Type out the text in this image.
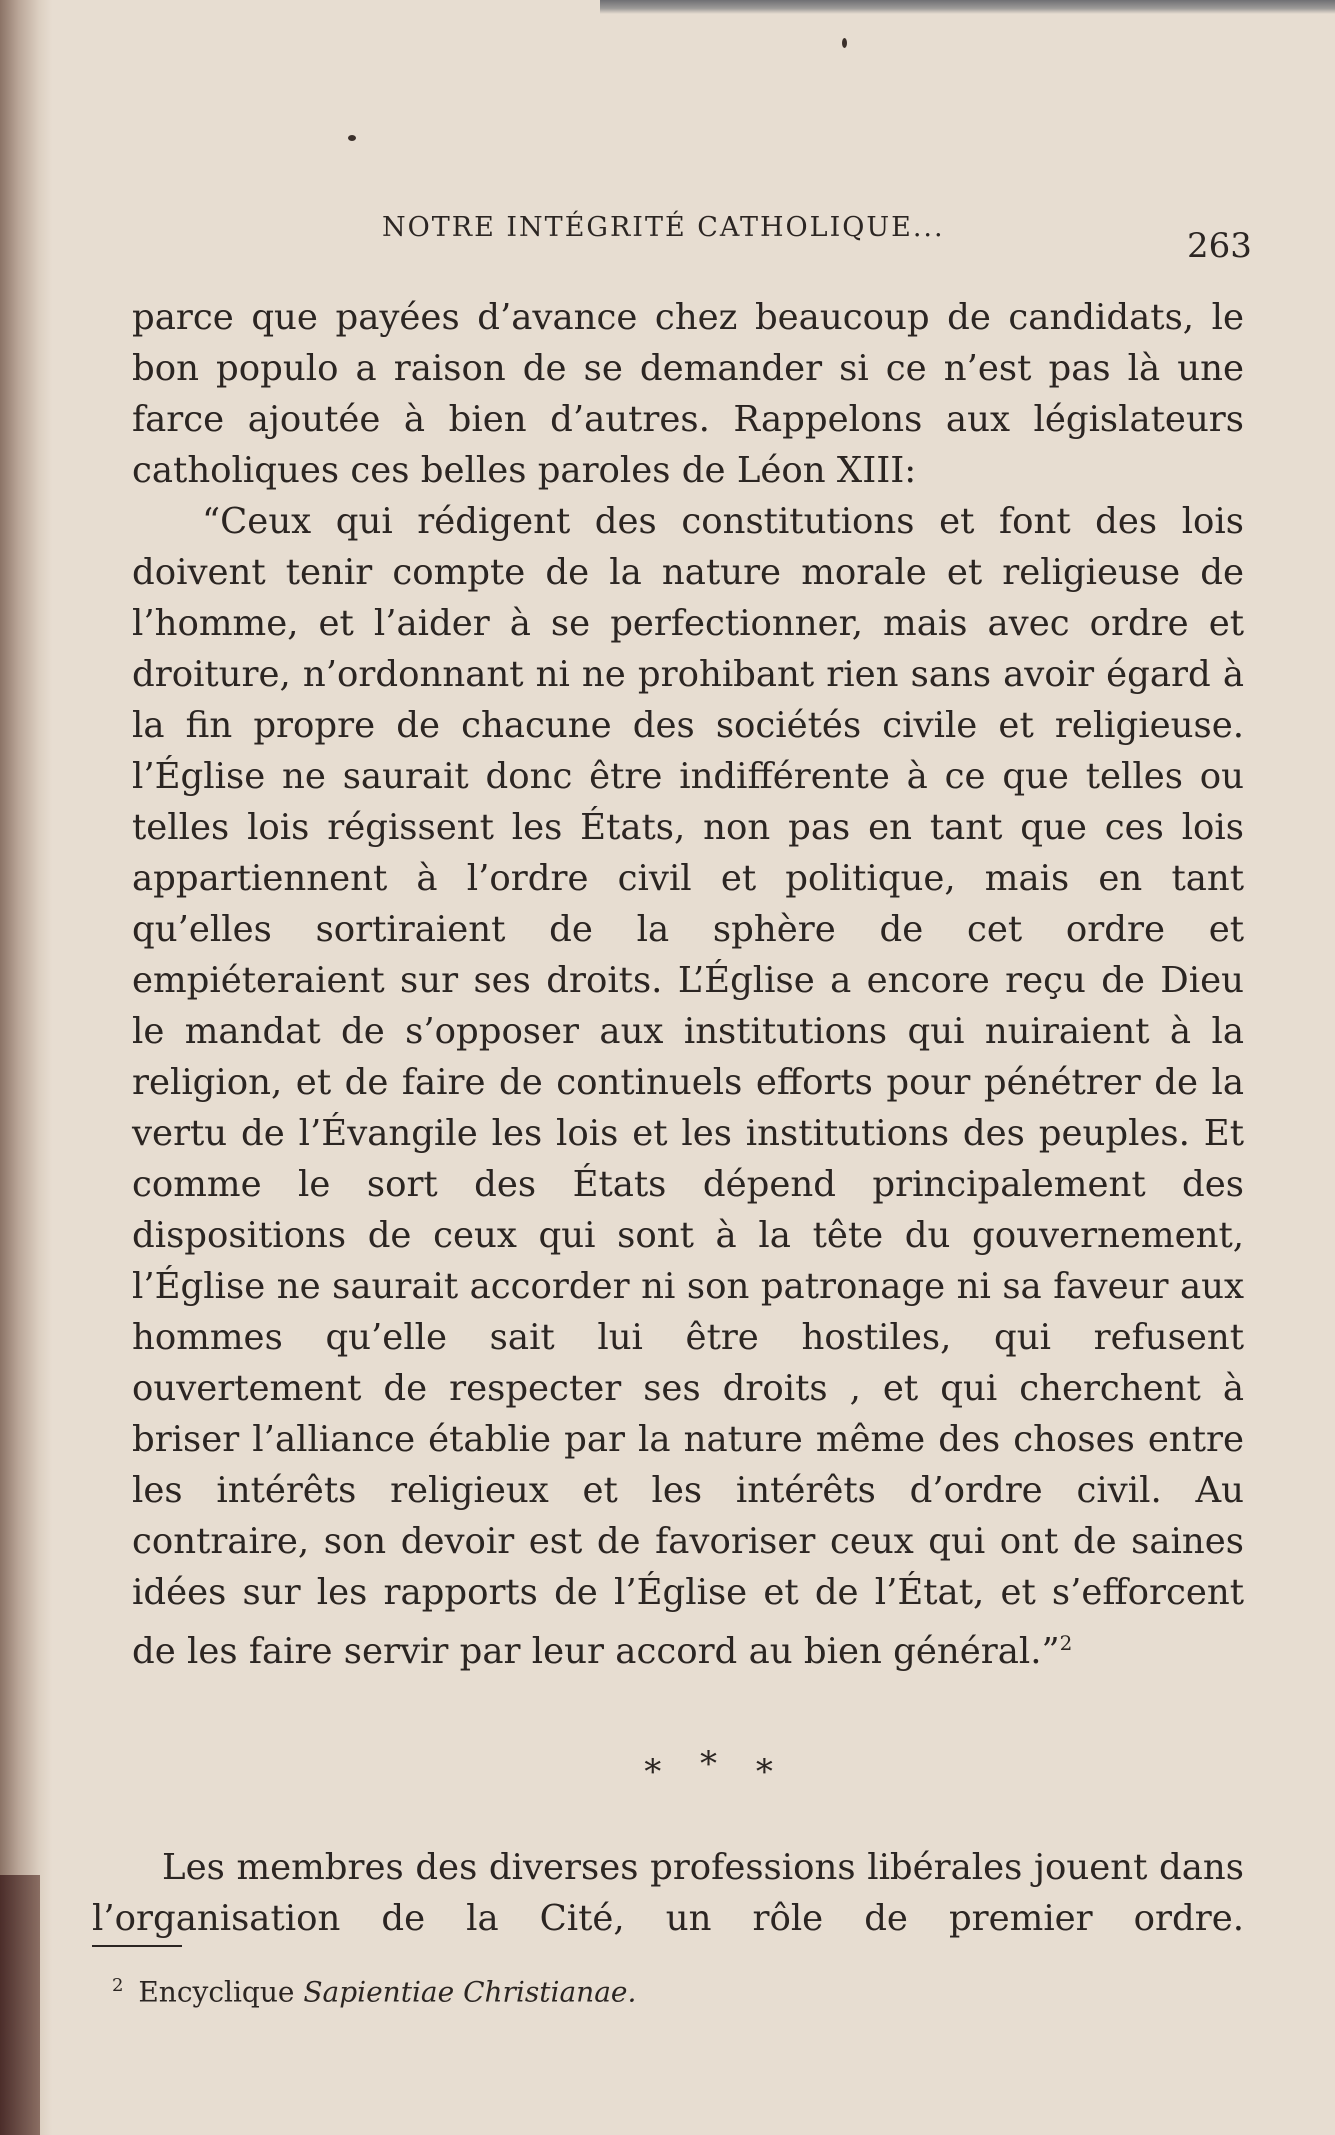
NOTRE INTÉGRITÉ CATHOLIQUE...	263

parce que payées d’avance chez beaucoup de candidats, le bon populo a raison de se demander si ce n’est pas là une farce ajoutée à bien d’autres. Rappelons aux législateurs catholiques ces belles paroles de Léon XIII:

“Ceux qui rédigent des constitutions et font des lois doivent tenir compte de la nature morale et religieuse de l’homme, et l’aider à se perfectionner, mais avec ordre et droiture, n’ordonnant ni ne prohibant rien sans avoir égard à la fin propre de chacune des sociétés civile et religieuse. l’Église ne saurait donc être indifférente à ce que telles ou telles lois régissent les États, non pas en tant que ces lois appartiennent à l’ordre civil et politique, mais en tant qu’elles sortiraient de la sphère de cet ordre et empiéteraient sur ses droits. L’Église a encore reçu de Dieu le mandat de s’opposer aux institutions qui nuiraient à la religion, et de faire de continuels efforts pour pénétrer de la vertu de l’Évangile les lois et les institutions des peuples. Et comme le sort des États dépend principalement des dispositions de ceux qui sont à la tête du gouvernement, l’Église ne saurait accorder ni son patronage ni sa faveur aux hommes qu’elle sait lui être hostiles, qui refusent ouvertement de respecter ses droits , et qui cherchent à briser l’alliance établie par la nature même des choses entre les intérêts religieux et les intérêts d’ordre civil. Au contraire, son devoir est de favoriser ceux qui ont de saines idées sur les rapports de l’Église et de l’État, et s’efforcent de les faire servir par leur accord au bien général.”$^2$

* * *

Les membres des diverses professions libérales jouent dans l’organisation de la Cité, un rôle de premier ordre.

$^2$ Encyclique Sapientiae Christianae.
